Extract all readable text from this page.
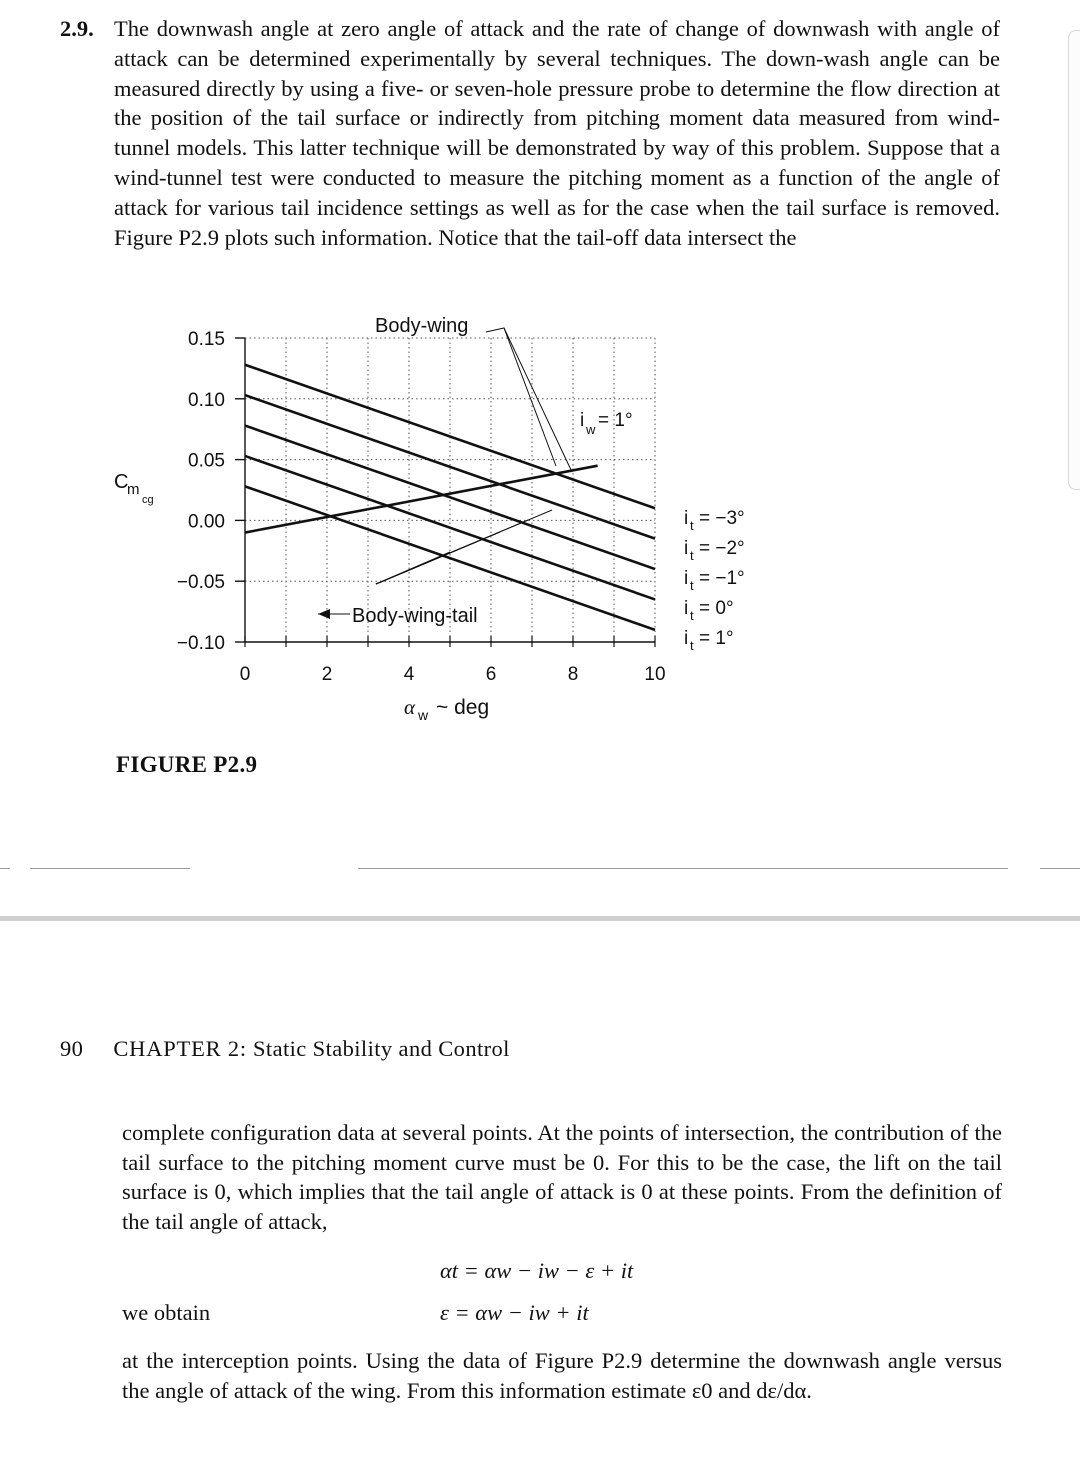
2.9. The downwash angle at zero angle of attack and the rate of change of downwash with angle of attack can be determined experimentally by several techniques. The down-wash angle can be measured directly by using a five- or seven-hole pressure probe to determine the flow direction at the position of the tail surface or indirectly from pitching moment data measured from wind-tunnel models. This latter technique will be demonstrated by way of this problem. Suppose that a wind-tunnel test were conducted to measure the pitching moment as a function of the angle of attack for various tail incidence settings as well as for the case when the tail surface is removed. Figure P2.9 plots such information. Notice that the tail-off data intersect the

0.15
0.10
0.05
0.00
−0.05
−0.10
0	2	4	6	8	10
C
m
cg
α w ~ deg
i t = −3°
i t = −2°
i t = −1°
i t = 0°
i t = 1°
Body-wing
Body-wing-tail
i w = 1°
FIGURE P2.9
90 CHAPTER 2: Static Stability and Control
complete configuration data at several points. At the points of intersection, the contribution of the tail surface to the pitching moment curve must be 0. For this to be the case, the lift on the tail surface is 0, which implies that the tail angle of attack is 0 at these points. From the definition of the tail angle of attack,
αt = αw − iw − ε + it
we obtain	ε = αw − iw + it
at the interception points. Using the data of Figure P2.9 determine the downwash angle versus the angle of attack of the wing. From this information estimate ε0 and dε/dα.
